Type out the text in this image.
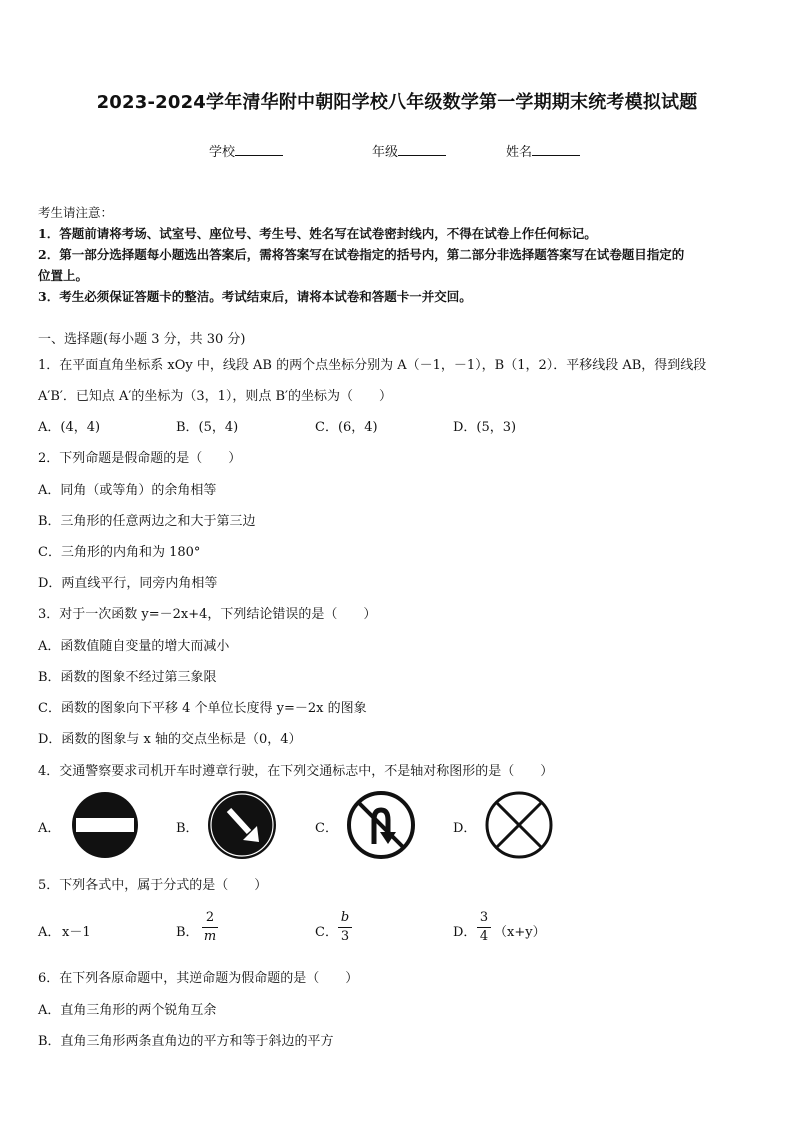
2023-2024学年清华附中朝阳学校八年级数学第一学期期末统考模拟试题
学校	年级	姓名
考生请注意：
1．答题前请将考场、试室号、座位号、考生号、姓名写在试卷密封线内，不得在试卷上作任何标记。
2．第一部分选择题每小题选出答案后，需将答案写在试卷指定的括号内，第二部分非选择题答案写在试卷题目指定的
位置上。
3．考生必须保证答题卡的整洁。考试结束后，请将本试卷和答题卡一并交回。
一、选择题(每小题 3 分，共 30 分)
1．在平面直角坐标系 xOy 中，线段 AB 的两个点坐标分别为 A（－1，－1），B（1，2）．平移线段 AB，得到线段
A′B′．已知点 A′的坐标为（3，1），则点 B′的坐标为（　　）
A．(4，4)	B．(5，4)	C．(6，4)	D．(5，3)
2．下列命题是假命题的是（　　）
A．同角（或等角）的余角相等
B．三角形的任意两边之和大于第三边
C．三角形的内角和为 180°
D．两直线平行，同旁内角相等
3．对于一次函数 y=－2x+4，下列结论错误的是（　　）
A．函数值随自变量的增大而减小
B．函数的图象不经过第三象限
C．函数的图象向下平移 4 个单位长度得 y=－2x 的图象
D．函数的图象与 x 轴的交点坐标是（0，4）
4．交通警察要求司机开车时遵章行驶，在下列交通标志中，不是轴对称图形的是（　　）
A．	B．	C．	D．
5．下列各式中，属于分式的是（　　）
A． x－1	B．
2
m	C．
b
3	D．
3
4 （x+y）
6．在下列各原命题中，其逆命题为假命题的是（　　）
A．直角三角形的两个锐角互余
B．直角三角形两条直角边的平方和等于斜边的平方
